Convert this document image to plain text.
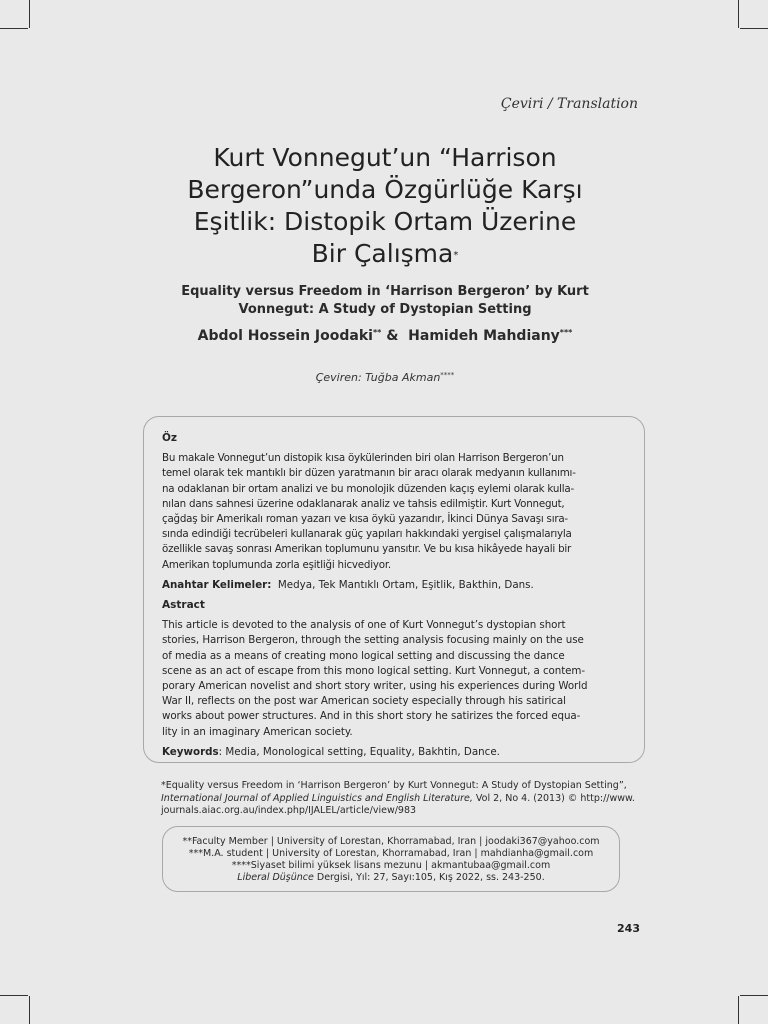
Çeviri / Translation
Kurt Vonnegut’un “Harrison
Bergeron”unda Özgürlüğe Karşı
Eşitlik: Distopik Ortam Üzerine
Bir Çalışma*
Equality versus Freedom in ‘Harrison Bergeron’ by Kurt
Vonnegut: A Study of Dystopian Setting
Abdol Hossein Joodaki** & Hamideh Mahdiany***
Çeviren: Tuğba Akman****
Öz
Bu makale Vonnegut’un distopik kısa öykülerinden biri olan Harrison Bergeron’un
temel olarak tek mantıklı bir düzen yaratmanın bir aracı olarak medyanın kullanımı-
na odaklanan bir ortam analizi ve bu monolojik düzenden kaçış eylemi olarak kulla-
nılan dans sahnesi üzerine odaklanarak analiz ve tahsis edilmiştir. Kurt Vonnegut,
çağdaş bir Amerikalı roman yazarı ve kısa öykü yazarıdır, İkinci Dünya Savaşı sıra-
sında edindiği tecrübeleri kullanarak güç yapıları hakkındaki yergisel çalışmalarıyla
özellikle savaş sonrası Amerikan toplumunu yansıtır. Ve bu kısa hikâyede hayali bir
Amerikan toplumunda zorla eşitliği hicvediyor.
Anahtar Kelimeler: Medya, Tek Mantıklı Ortam, Eşitlik, Bakthin, Dans.
Astract
This article is devoted to the analysis of one of Kurt Vonnegut’s dystopian short
stories, Harrison Bergeron, through the setting analysis focusing mainly on the use
of media as a means of creating mono logical setting and discussing the dance
scene as an act of escape from this mono logical setting. Kurt Vonnegut, a contem-
porary American novelist and short story writer, using his experiences during World
War II, reflects on the post war American society especially through his satirical
works about power structures. And in this short story he satirizes the forced equa-
lity in an imaginary American society.
Keywords: Media, Monological setting, Equality, Bakhtin, Dance.
*Equality versus Freedom in ‘Harrison Bergeron’ by Kurt Vonnegut: A Study of Dystopian Setting”,
International Journal of Applied Linguistics and English Literature, Vol 2, No 4. (2013) © http://www.
journals.aiac.org.au/index.php/IJALEL/article/view/983
**Faculty Member | University of Lorestan, Khorramabad, Iran | joodaki367@yahoo.com
***M.A. student | University of Lorestan, Khorramabad, Iran | mahdianha@gmail.com
****Siyaset bilimi yüksek lisans mezunu | akmantubaa@gmail.com
Liberal Düşünce Dergisi, Yıl: 27, Sayı:105, Kış 2022, ss. 243-250.
243
